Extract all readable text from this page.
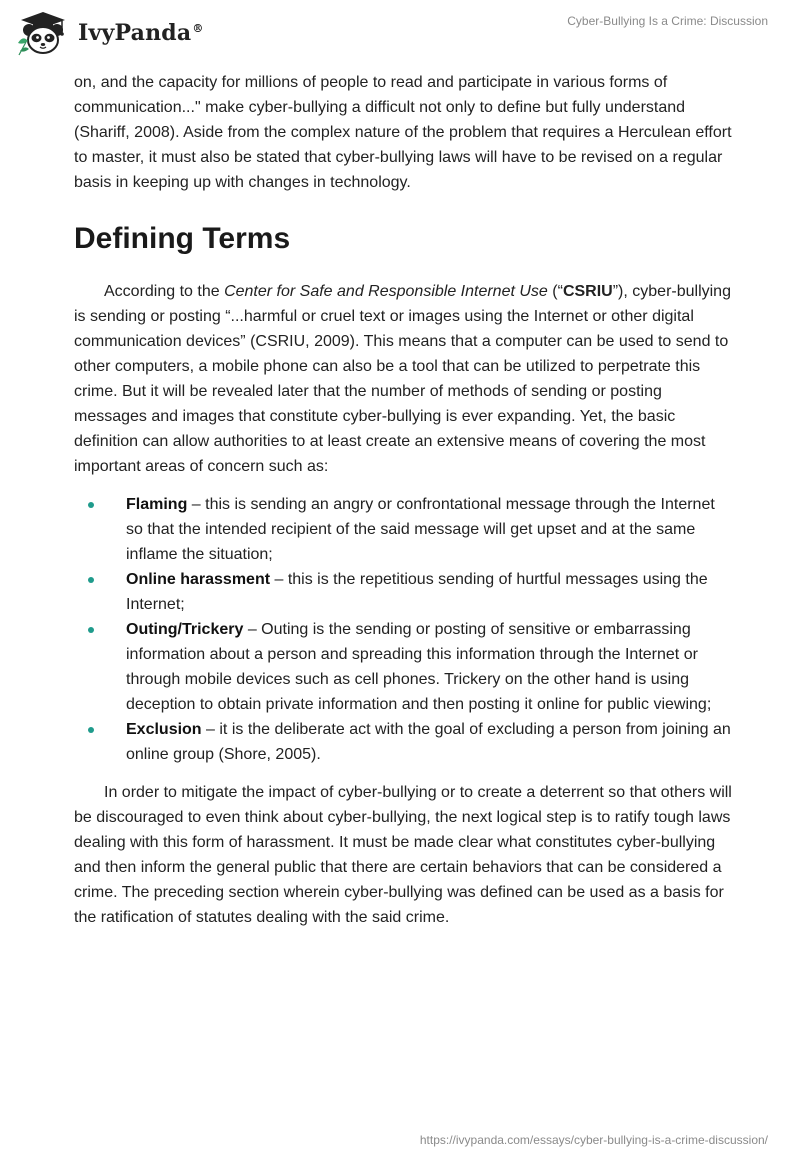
IvyPanda®
Cyber-Bullying Is a Crime: Discussion

on, and the capacity for millions of people to read and participate in various forms of communication..." make cyber-bullying a difficult not only to define but fully understand (Shariff, 2008). Aside from the complex nature of the problem that requires a Herculean effort to master, it must also be stated that cyber-bullying laws will have to be revised on a regular basis in keeping up with changes in technology.

Defining Terms

According to the Center for Safe and Responsible Internet Use (“CSRIU”), cyber-bullying is sending or posting “...harmful or cruel text or images using the Internet or other digital communication devices” (CSRIU, 2009). This means that a computer can be used to send to other computers, a mobile phone can also be a tool that can be utilized to perpetrate this crime. But it will be revealed later that the number of methods of sending or posting messages and images that constitute cyber-bullying is ever expanding. Yet, the basic definition can allow authorities to at least create an extensive means of covering the most important areas of concern such as:

Flaming – this is sending an angry or confrontational message through the Internet so that the intended recipient of the said message will get upset and at the same inflame the situation;
Online harassment – this is the repetitious sending of hurtful messages using the Internet;
Outing/Trickery – Outing is the sending or posting of sensitive or embarrassing information about a person and spreading this information through the Internet or through mobile devices such as cell phones. Trickery on the other hand is using deception to obtain private information and then posting it online for public viewing;
Exclusion – it is the deliberate act with the goal of excluding a person from joining an online group (Shore, 2005).

In order to mitigate the impact of cyber-bullying or to create a deterrent so that others will be discouraged to even think about cyber-bullying, the next logical step is to ratify tough laws dealing with this form of harassment. It must be made clear what constitutes cyber-bullying and then inform the general public that there are certain behaviors that can be considered a crime. The preceding section wherein cyber-bullying was defined can be used as a basis for the ratification of statutes dealing with the said crime.

https://ivypanda.com/essays/cyber-bullying-is-a-crime-discussion/
